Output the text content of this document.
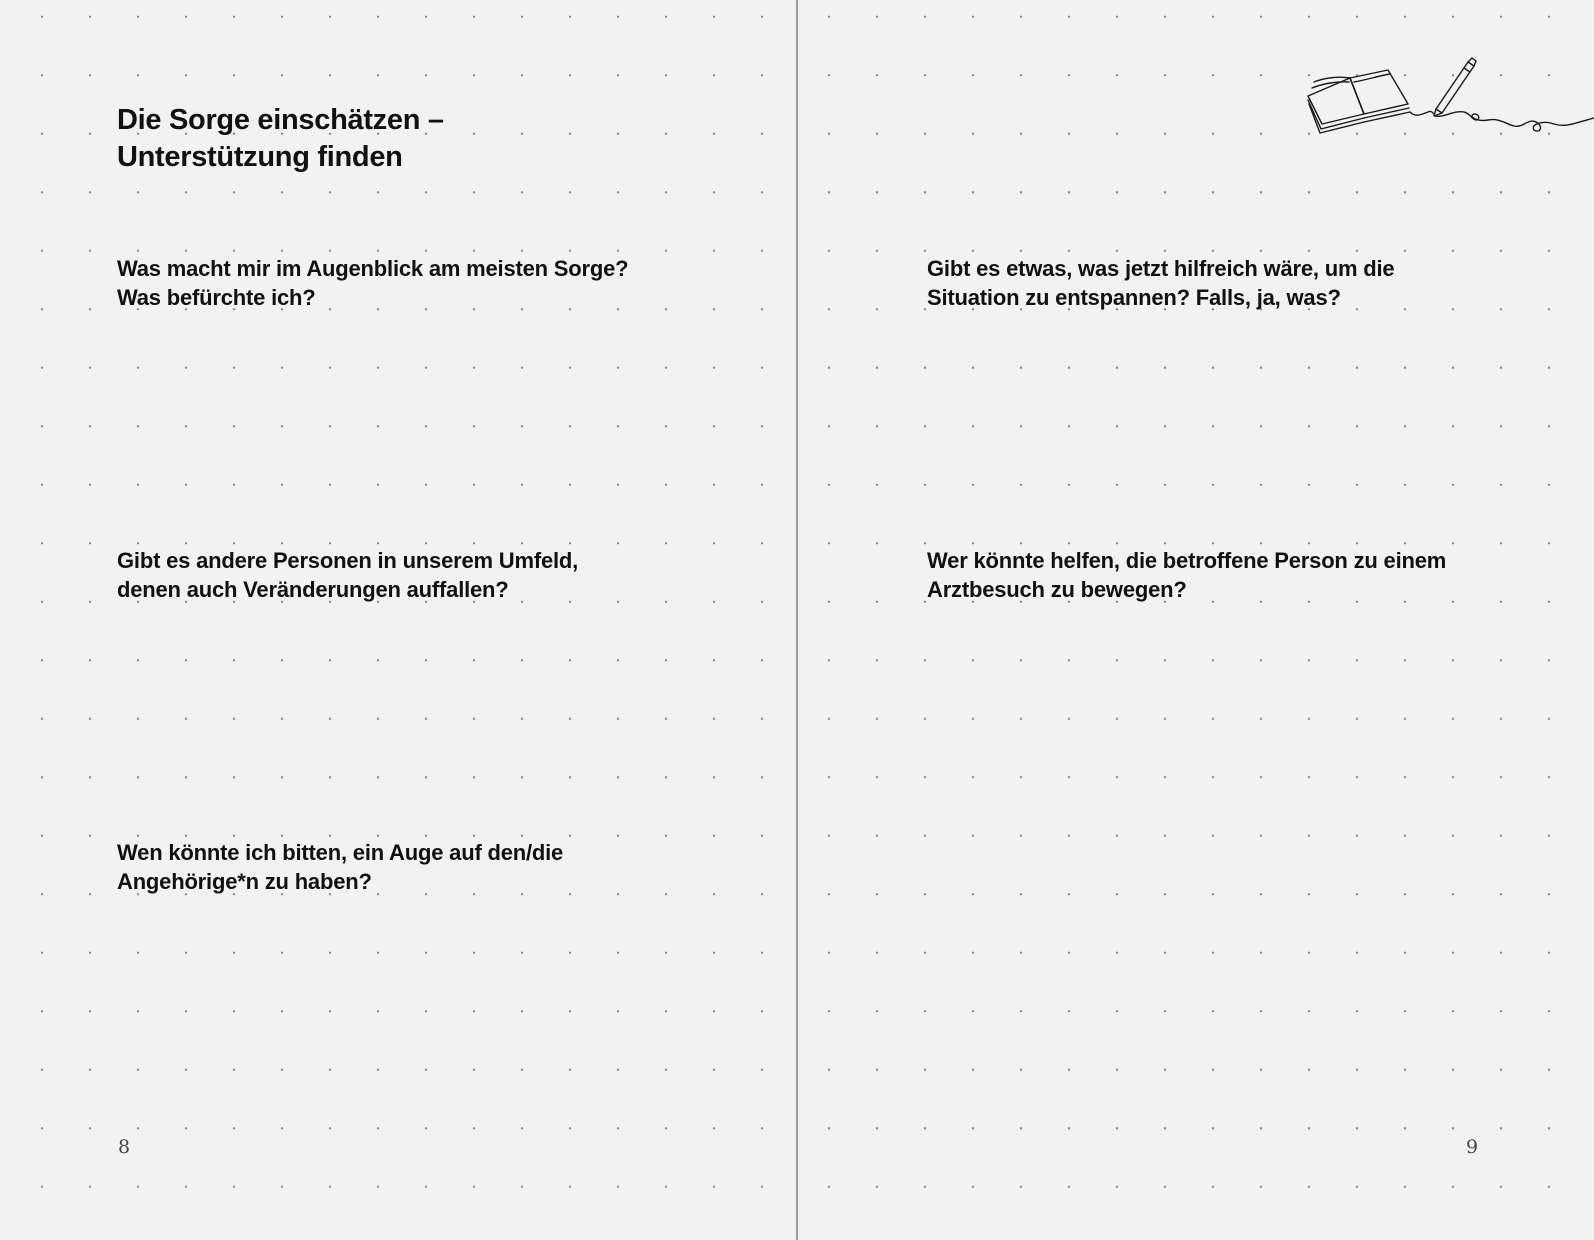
Die Sorge einschätzen –
Unterstützung finden

Was macht mir im Augenblick am meisten Sorge?
Was befürchte ich?

Gibt es andere Personen in unserem Umfeld,
denen auch Veränderungen auffallen?

Wen könnte ich bitten, ein Auge auf den/die
Angehörige*n zu haben?

8

Gibt es etwas, was jetzt hilfreich wäre, um die
Situation zu entspannen? Falls, ja, was?

Wer könnte helfen, die betroffene Person zu einem
Arztbesuch zu bewegen?

9
